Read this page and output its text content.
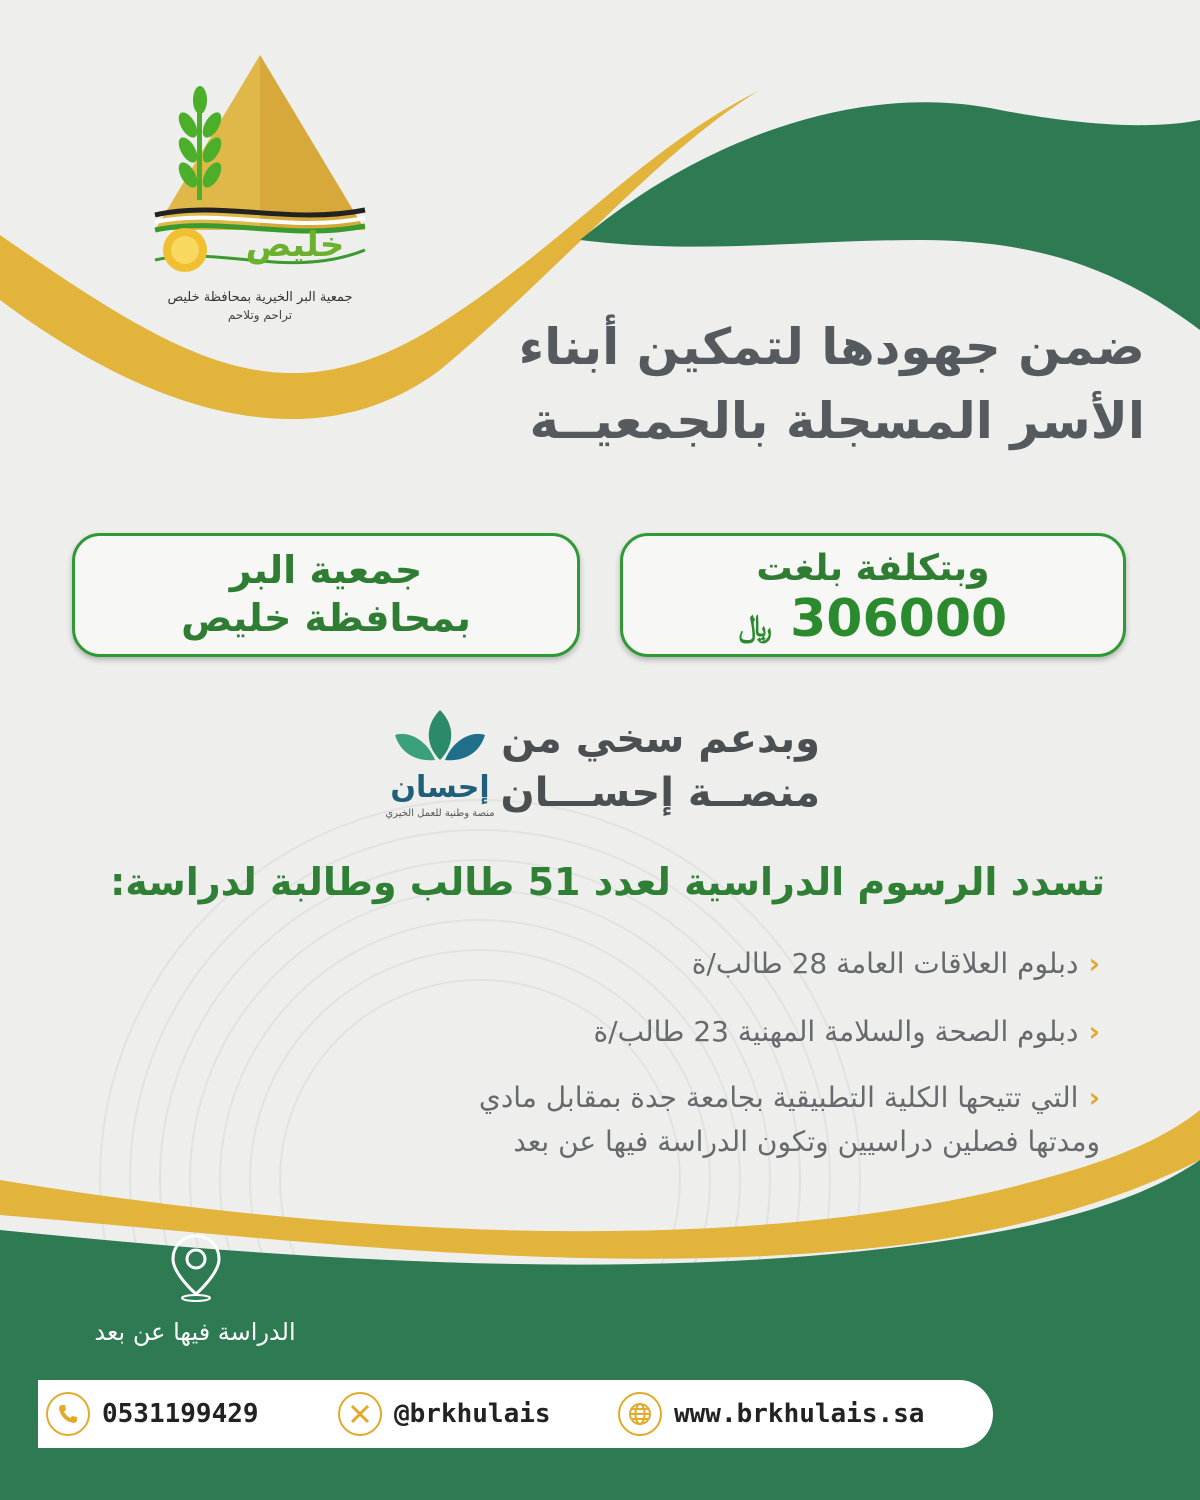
خليص
جمعية البر الخيرية بمحافظة خليص
تراحم وتلاحم
ضمن جهودها لتمكين أبناء
الأسر المسجلة بالجمعيــة
وبتكلفة بلغت
306000 ﷼
جمعية البر
بمحافظة خليص
وبدعم سخي من
منصــة إحســـان
إحسان
منصة وطنية للعمل الخيري
تسدد الرسوم الدراسية لعدد 51 طالب وطالبة لدراسة:
‹دبلوم العلاقات العامة 28 طالب/ة
‹دبلوم الصحة والسلامة المهنية 23 طالب/ة
‹التي تتيحها الكلية التطبيقية بجامعة جدة بمقابل مادي
ومدتها فصلين دراسيين وتكون الدراسة فيها عن بعد
الدراسة فيها عن بعد
0531199429	@brkhulais	www.brkhulais.sa
